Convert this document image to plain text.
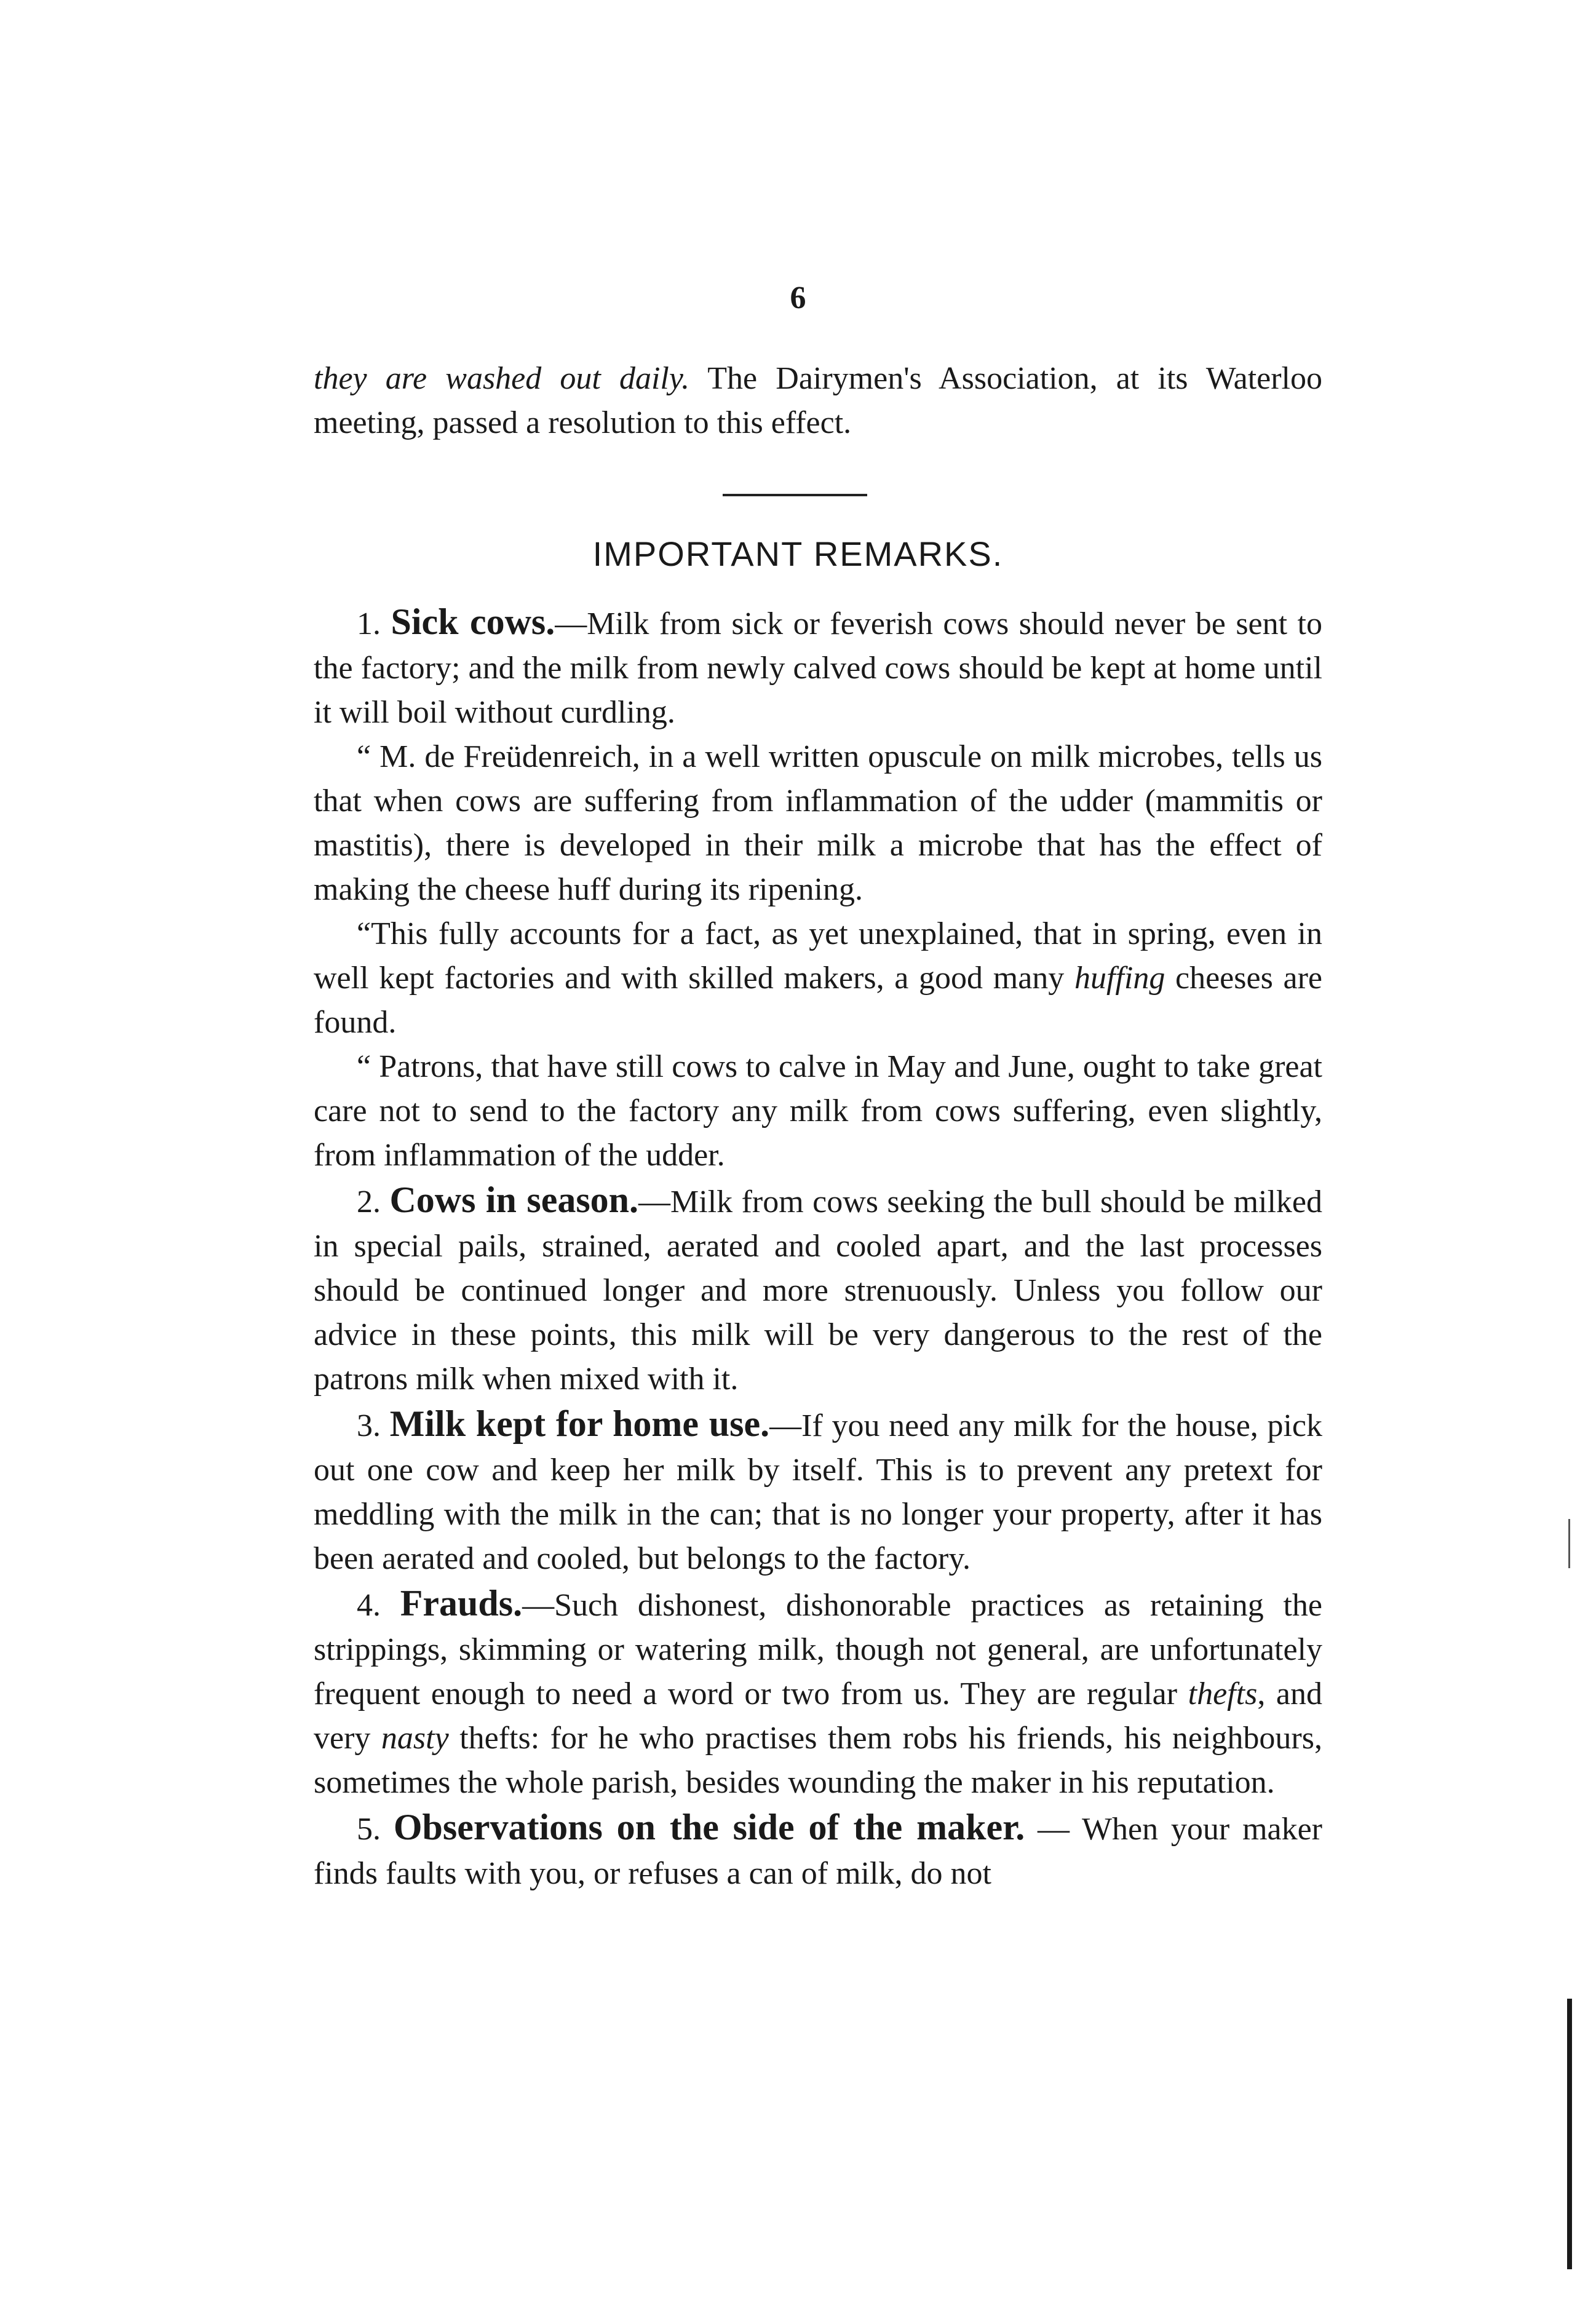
6

they are washed out daily. The Dairymen's Association, at its Waterloo meeting, passed a resolution to this effect.

IMPORTANT REMARKS.

1. Sick cows.—Milk from sick or feverish cows should never be sent to the factory; and the milk from newly calved cows should be kept at home until it will boil without curdling.

“ M. de Freüdenreich, in a well written opuscule on milk microbes, tells us that when cows are suffering from inflammation of the udder (mammitis or mastitis), there is developed in their milk a microbe that has the effect of making the cheese huff during its ripening.

“This fully accounts for a fact, as yet unexplained, that in spring, even in well kept factories and with skilled makers, a good many huffing cheeses are found.

“ Patrons, that have still cows to calve in May and June, ought to take great care not to send to the factory any milk from cows suffering, even slightly, from inflammation of the udder.

2. Cows in season.—Milk from cows seeking the bull should be milked in special pails, strained, aerated and cooled apart, and the last processes should be continued longer and more strenuously. Unless you follow our advice in these points, this milk will be very dangerous to the rest of the patrons milk when mixed with it.

3. Milk kept for home use.—If you need any milk for the house, pick out one cow and keep her milk by itself. This is to prevent any pretext for meddling with the milk in the can; that is no longer your property, after it has been aerated and cooled, but belongs to the factory.

4. Frauds.—Such dishonest, dishonorable practices as retaining the strippings, skimming or watering milk, though not general, are unfortunately frequent enough to need a word or two from us. They are regular thefts, and very nasty thefts: for he who practises them robs his friends, his neighbours, sometimes the whole parish, besides wounding the maker in his reputation.

5. Observations on the side of the maker. — When your maker finds faults with you, or refuses a can of milk, do not
